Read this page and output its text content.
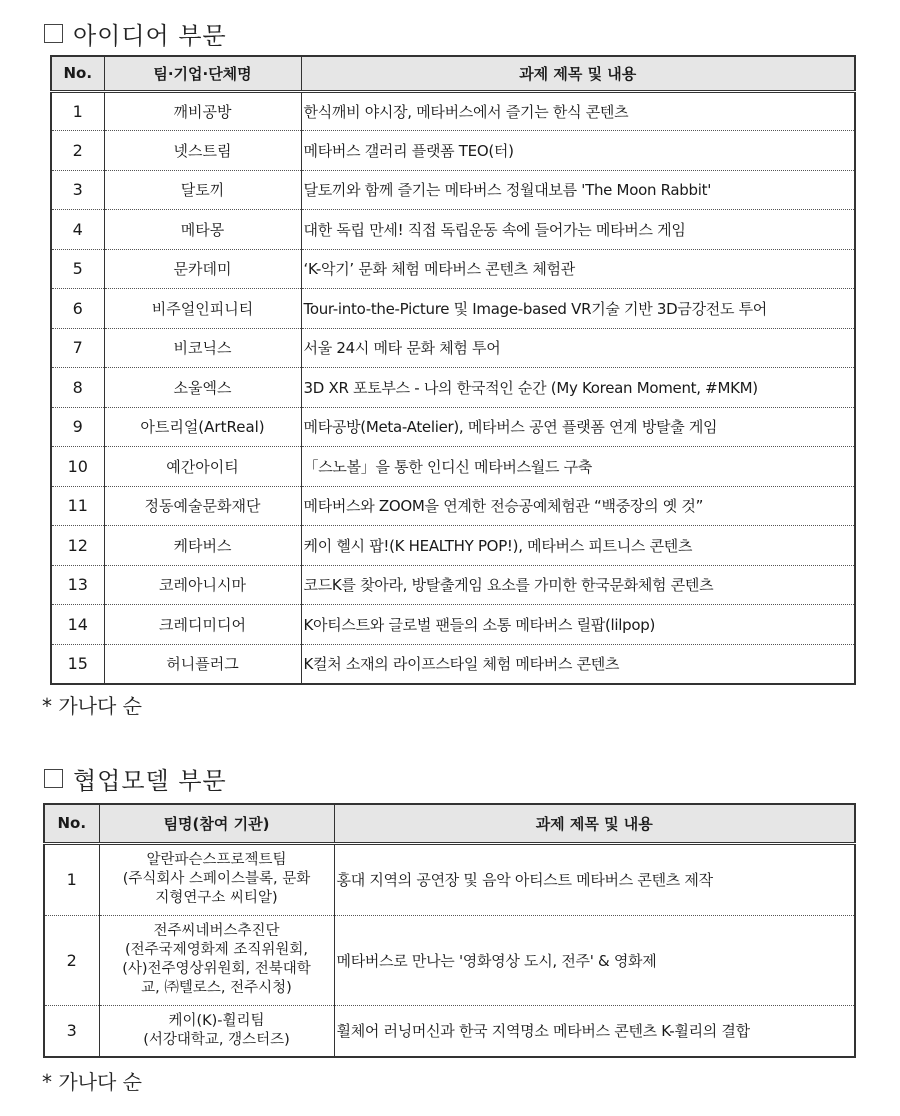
아이디어 부문
No.	팀·기업·단체명	과제 제목 및 내용
1	깨비공방	한식깨비 야시장, 메타버스에서 즐기는 한식 콘텐츠
2	넷스트림	메타버스 갤러리 플랫폼 TEO(터)
3	달토끼	달토끼와 함께 즐기는 메타버스 정월대보름 'The Moon Rabbit'
4	메타몽	대한 독립 만세! 직접 독립운동 속에 들어가는 메타버스 게임
5	문카데미	‘K-악기’ 문화 체험 메타버스 콘텐츠 체험관
6	비주얼인피니티	Tour-into-the-Picture 및 Image-based VR기술 기반 3D금강전도 투어
7	비코닉스	서울 24시 메타 문화 체험 투어
8	소울엑스	3D XR 포토부스 - 나의 한국적인 순간 (My Korean Moment, #MKM)
9	아트리얼(ArtReal)	메타공방(Meta-Atelier), 메타버스 공연 플랫폼 연계 방탈출 게임
10	예간아이티	「스노볼」을 통한 인디신 메타버스월드 구축
11	정동예술문화재단	메타버스와 ZOOM을 연계한 전승공예체험관 “백중장의 옛 것”
12	케타버스	케이 헬시 팝!(K HEALTHY POP!), 메타버스 피트니스 콘텐츠
13	코레아니시마	코드K를 찾아라, 방탈출게임 요소를 가미한 한국문화체험 콘텐츠
14	크레디미디어	K아티스트와 글로벌 팬들의 소통 메타버스 릴팝(lilpop)
15	허니플러그	K컬처 소재의 라이프스타일 체험 메타버스 콘텐츠
* 가나다 순
협업모델 부문
No.	팀명(참여 기관)	과제 제목 및 내용
1	알란파슨스프로젝트팀
(주식회사 스페이스블록, 문화
지형연구소 씨티알)	홍대 지역의 공연장 및 음악 아티스트 메타버스 콘텐츠 제작
2	전주씨네버스추진단
(전주국제영화제 조직위원회,
(사)전주영상위원회, 전북대학
교, ㈜텔로스, 전주시청)	메타버스로 만나는 '영화영상 도시, 전주' & 영화제
3	케이(K)-휠리팀
(서강대학교, 갱스터즈)	휠체어 러닝머신과 한국 지역명소 메타버스 콘텐츠 K-휠리의 결합
* 가나다 순
